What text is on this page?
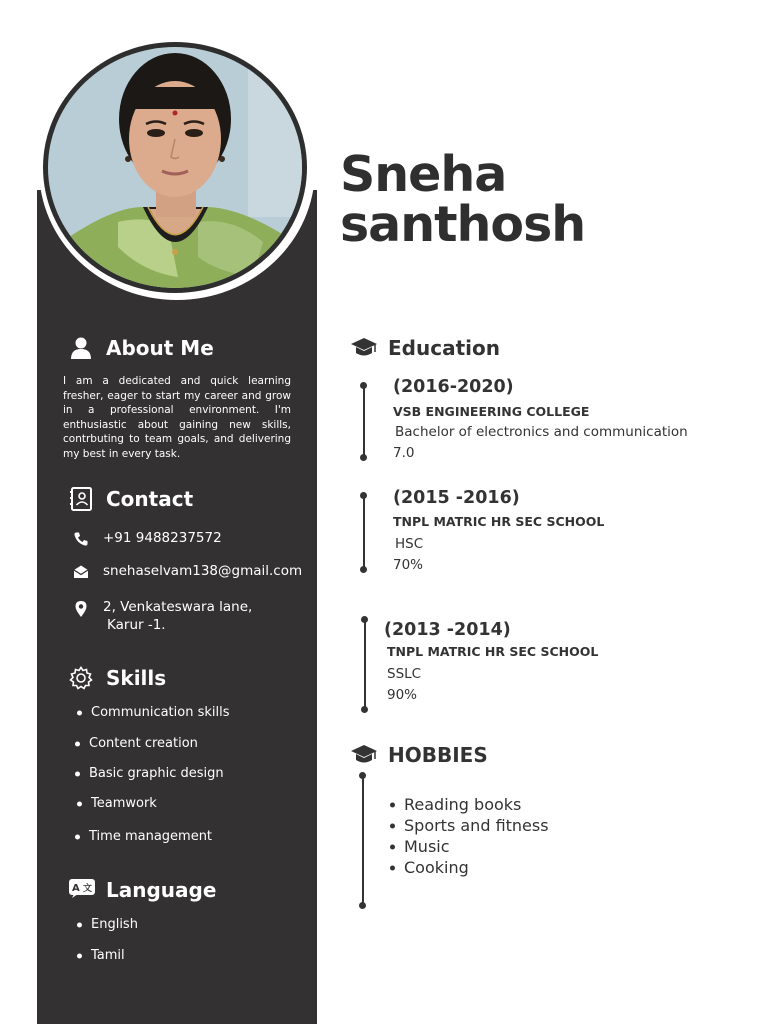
Sneha
santhosh
About Me
I am a dedicated and quick learning fresher, eager to start my career and grow in a professional environment. I'm enthusiastic about gaining new skills, contrbuting to team goals, and delivering my best in every task.
Contact
+91 9488237572
snehaselvam138@gmail.com
2, Venkateswara lane,
Karur -1.
Skills
Communication skills
Content creation
Basic graphic design
Teamwork
Time management
A 文 Language
English
Tamil
Education
(2016-2020)
VSB ENGINEERING COLLEGE
Bachelor of electronics and communication
7.0
(2015 -2016)
TNPL MATRIC HR SEC SCHOOL
HSC
70%
(2013 -2014)
TNPL MATRIC HR SEC SCHOOL
SSLC
90%
HOBBIES
Reading books
Sports and fitness
Music
Cooking
